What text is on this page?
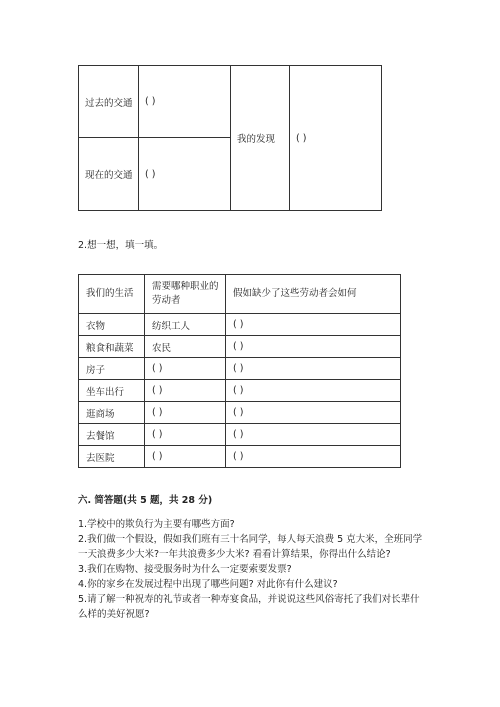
过去的交通	( )	我的发现	( )
现在的交通	( )		
2.想一想，填一填。
我们的生活	需要哪种职业的劳动者	假如缺少了这些劳动者会如何
衣物	纺织工人	( )
粮食和蔬菜	农民	( )
房子	( )	( )
坐车出行	( )	( )
逛商场	( )	( )
去餐馆	( )	( )
去医院	( )	( )
六. 简答题(共 5 题，共 28 分)
1.学校中的欺负行为主要有哪些方面?
2.我们做一个假设，假如我们班有三十名同学，每人每天浪费 5 克大米，全班同学一天浪费多少大米?一年共浪费多少大米? 看看计算结果，你得出什么结论?
3.我们在购物、接受服务时为什么一定要索要发票?
4.你的家乡在发展过程中出现了哪些问题? 对此你有什么建议?
5.请了解一种祝寿的礼节或者一种寿宴食品，并说说这些风俗寄托了我们对长辈什么样的美好祝愿?
